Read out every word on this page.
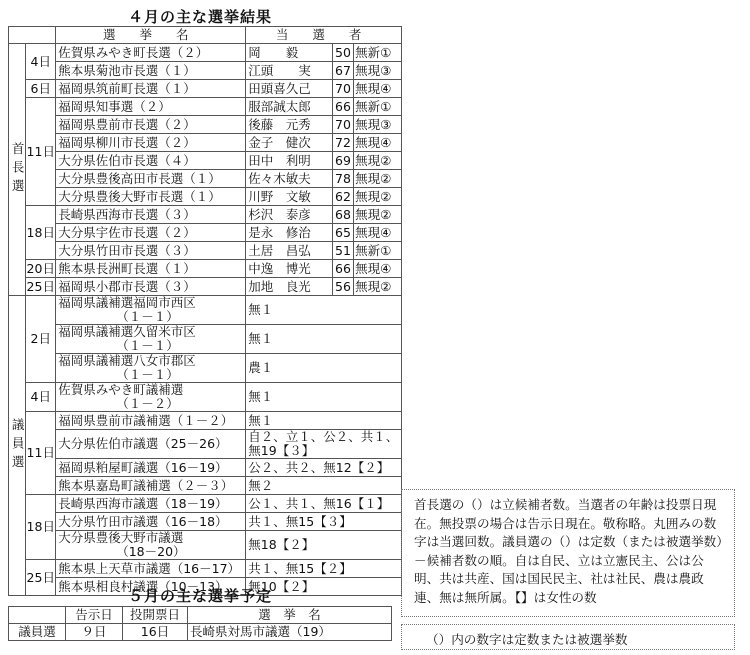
４月の主な選挙結果
		選 挙 名	当 選 者		
首長選	4日	佐賀県みやき町長選（２）	岡　　毅	50	無新①
		熊本県菊池市長選（１）	江頭　　実	67	無現③
	6日	福岡県筑前町長選（１）	田頭喜久己	70	無現④
	11日	福岡県知事選（２）	服部誠太郎	66	無新①
		福岡県豊前市長選（２）	後藤　元秀	70	無現③
		福岡県柳川市長選（２）	金子　健次	72	無現④
		大分県佐伯市長選（４）	田中　利明	69	無現②
		大分県豊後高田市長選（１）	佐々木敏夫	78	無現②
		大分県豊後大野市長選（１）	川野　文敏	62	無現②
	18日	長崎県西海市長選（３）	杉沢　泰彦	68	無現②
		大分県宇佐市長選（２）	是永　修治	65	無現④
		大分県竹田市長選（３）	土居　昌弘	51	無新①
	20日	熊本県長洲町長選（１）	中逸　博光	66	無現④
	25日	福岡県小郡市長選（３）	加地　良光	56	無現②
議員選	2日	福岡県議補選福岡市西区
（１－１）	無１		
		福岡県議補選久留米市区
（１－１）	無１		
		福岡県議補選八女市郡区
（１－１）	農１		
	4日	佐賀県みやき町議補選
（１－２）	無１		
	11日	福岡県豊前市議補選（１－２）	無１		
		大分県佐伯市議選（25－26）	自２、立１、公２、共１、無19【３】		
		福岡県粕屋町議選（16－19）	公２、共２、無12【２】		
		熊本県嘉島町議補選（２－３）	無２		
	18日	長崎県西海市議選（18－19）	公１、共１、無16【１】		
		大分県竹田市議選（16－18）	共１、無15【３】		
		大分県豊後大野市議選
（18－20）	無18【２】		
	25日	熊本県上天草市議選（16－17）	共１、無15【２】		
		熊本県相良村議選（10－13）	無10【２】		
首長選の（）は立候補者数。当選者の年齢は投票日現在。無投票の場合は告示日現在。敬称略。丸囲みの数字は当選回数。議員選の（）は定数（または被選挙数）－候補者数の順。自は自民、立は立憲民主、公は公明、共は共産、国は国民民主、社は社民、農は農政連、無は無所属。【】は女性の数
５月の主な選挙予定
	告示日	投開票日	選　挙　名
議員選	９日	16日	長崎県対馬市議選（19）
（）内の数字は定数または被選挙数
